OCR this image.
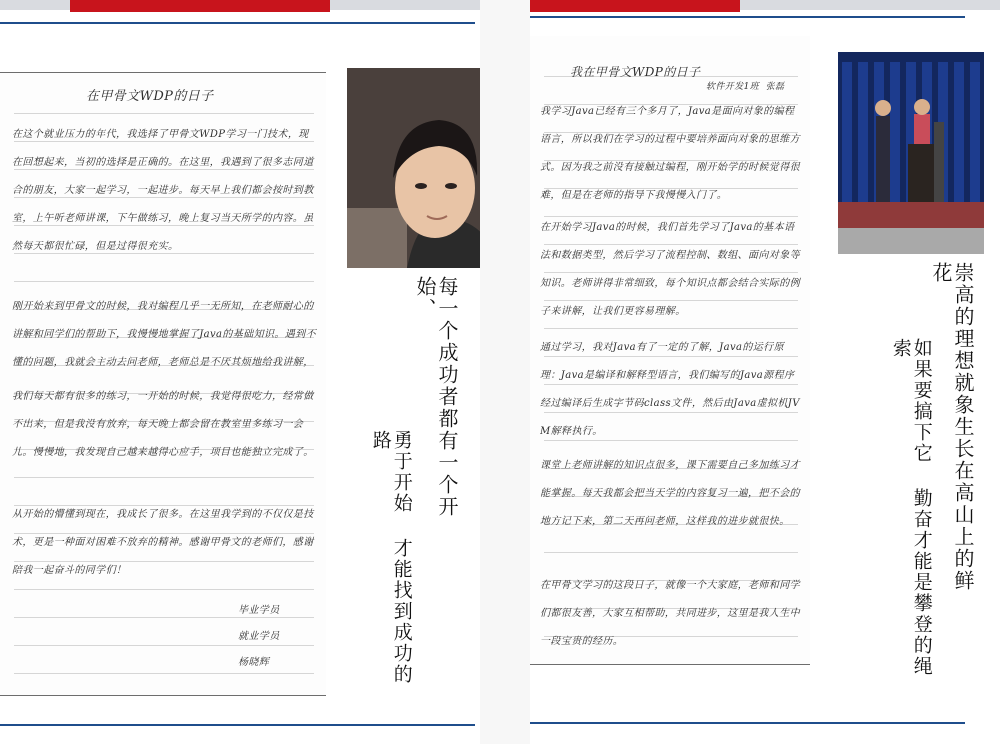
在甲骨文WDP的日子
在这个就业压力的年代，我选择了甲骨文WDP学习一门技术，现在回想起来，当初的选择是正确的。在这里，我遇到了很多志同道合的朋友，大家一起学习，一起进步。每天早上我们都会按时到教室，上午听老师讲课，下午做练习，晚上复习当天所学的内容。虽然每天都很忙碌，但是过得很充实。
刚开始来到甲骨文的时候，我对编程几乎一无所知，在老师耐心的讲解和同学们的帮助下，我慢慢地掌握了Java的基础知识。遇到不懂的问题，我就会主动去问老师，老师总是不厌其烦地给我讲解，
我们每天都有很多的练习，一开始的时候，我觉得很吃力，经常做不出来，但是我没有放弃，每天晚上都会留在教室里多练习一会儿。慢慢地，我发现自己越来越得心应手，项目也能独立完成了。
从开始的懵懂到现在，我成长了很多。在这里我学到的不仅仅是技术，更是一种面对困难不放弃的精神。感谢甲骨文的老师们，感谢陪我一起奋斗的同学们！
毕业学员
就业学员
杨晓辉
每一个成功者都有一个开始、
勇于开始 才能找到成功的路
我在甲骨文WDP的日子
软件开发1班  张磊
我学习Java已经有三个多月了，Java是面向对象的编程语言，所以我们在学习的过程中要培养面向对象的思维方式。因为我之前没有接触过编程，刚开始学的时候觉得很难，但是在老师的指导下我慢慢入门了。
在开始学习Java的时候，我们首先学习了Java的基本语法和数据类型，然后学习了流程控制、数组、面向对象等知识。老师讲得非常细致，每个知识点都会结合实际的例子来讲解，让我们更容易理解。
通过学习，我对Java有了一定的了解，Java的运行原理：Java是编译和解释型语言，我们编写的Java源程序经过编译后生成字节码class文件，然后由Java虚拟机JVM解释执行。
课堂上老师讲解的知识点很多，课下需要自己多加练习才能掌握。每天我都会把当天学的内容复习一遍，把不会的地方记下来，第二天再问老师，这样我的进步就很快。
在甲骨文学习的这段日子，就像一个大家庭，老师和同学们都很友善，大家互相帮助，共同进步，这里是我人生中一段宝贵的经历。
崇高的理想就象生长在高山上的鲜花
如果要搞下它 勤奋才能是攀登的绳索
